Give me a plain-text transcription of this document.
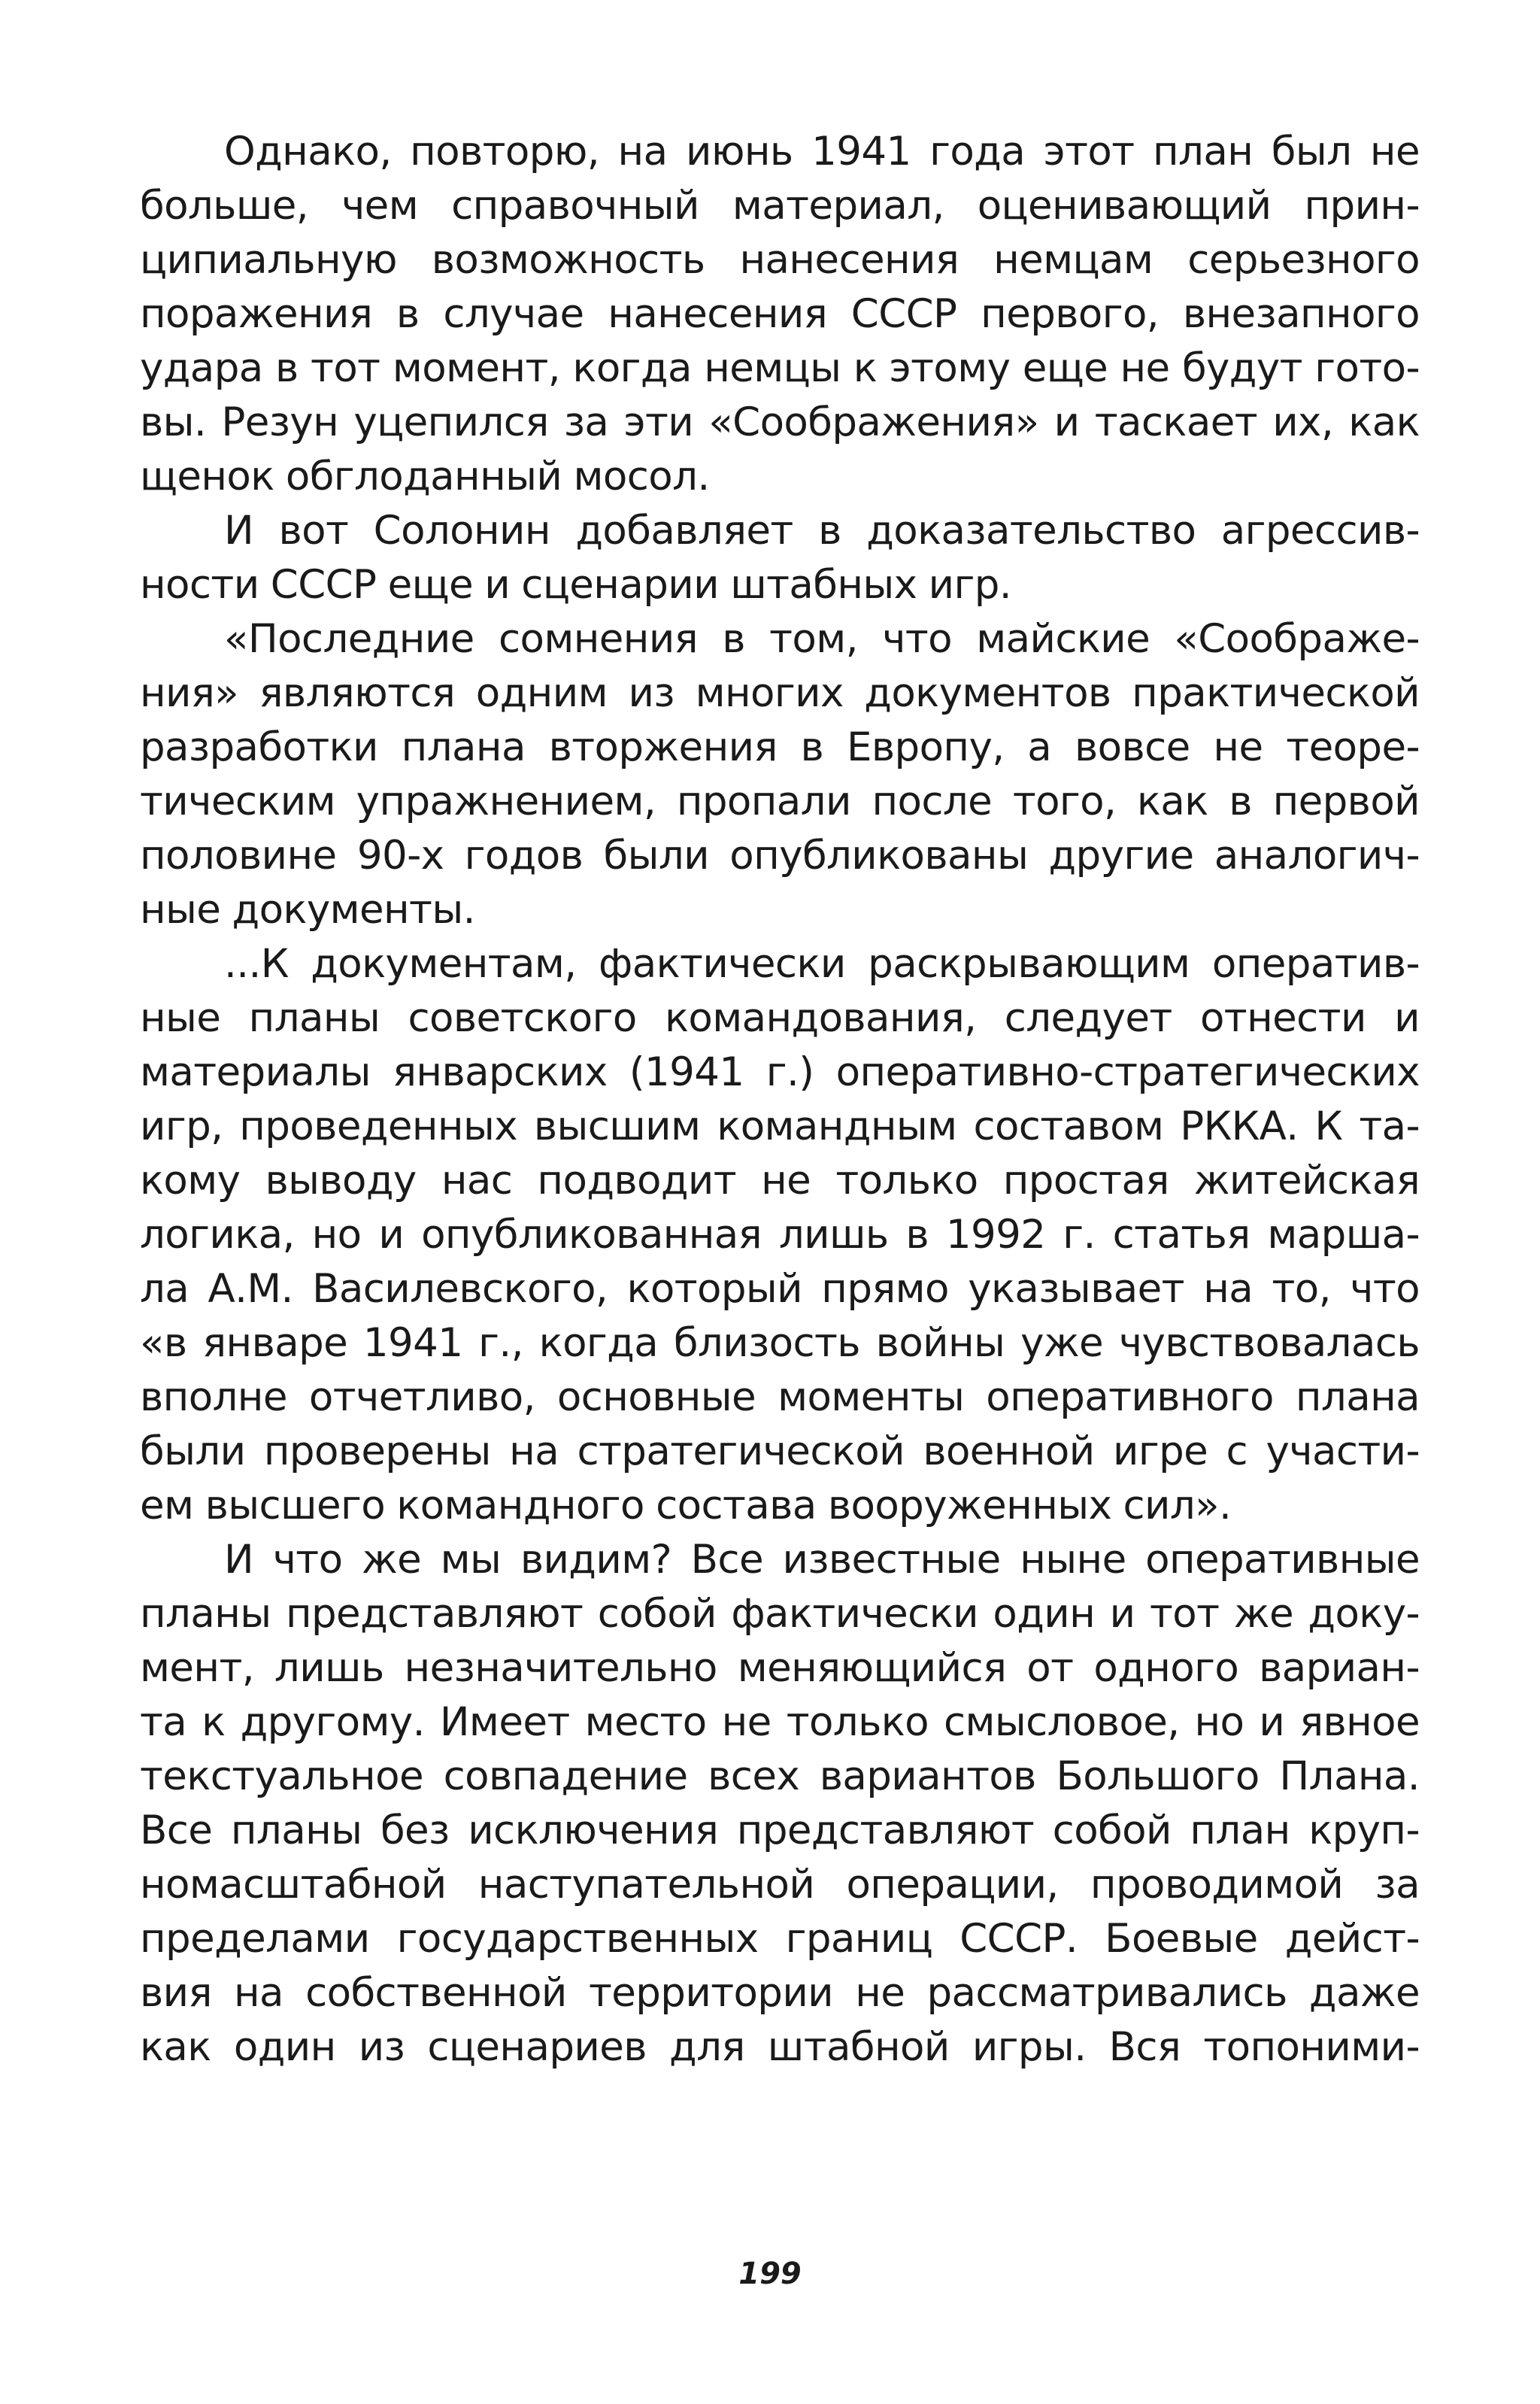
Однако, повторю, на июнь 1941 года этот план был не
больше, чем справочный материал, оценивающий прин-
ципиальную возможность нанесения немцам серьезного
поражения в случае нанесения СССР первого, внезапного
удара в тот момент, когда немцы к этому еще не будут гото-
вы. Резун уцепился за эти «Соображения» и таскает их, как
щенок обглоданный мосол.
И вот Солонин добавляет в доказательство агрессив-
ности СССР еще и сценарии штабных игр.
«Последние сомнения в том, что майские «Соображе-
ния» являются одним из многих документов практической
разработки плана вторжения в Европу, а вовсе не теоре-
тическим упражнением, пропали после того, как в первой
половине 90-х годов были опубликованы другие аналогич-
ные документы.
...К документам, фактически раскрывающим оператив-
ные планы советского командования, следует отнести и
материалы январских (1941 г.) оперативно-стратегических
игр, проведенных высшим командным составом РККА. К та-
кому выводу нас подводит не только простая житейская
логика, но и опубликованная лишь в 1992 г. статья марша-
ла А.М. Василевского, который прямо указывает на то, что
«в январе 1941 г., когда близость войны уже чувствовалась
вполне отчетливо, основные моменты оперативного плана
были проверены на стратегической военной игре с участи-
ем высшего командного состава вооруженных сил».
И что же мы видим? Все известные ныне оперативные
планы представляют собой фактически один и тот же доку-
мент, лишь незначительно меняющийся от одного вариан-
та к другому. Имеет место не только смысловое, но и явное
текстуальное совпадение всех вариантов Большого Плана.
Все планы без исключения представляют собой план круп-
номасштабной наступательной операции, проводимой за
пределами государственных границ СССР. Боевые дейст-
вия на собственной территории не рассматривались даже
как один из сценариев для штабной игры. Вся топоними-
199
